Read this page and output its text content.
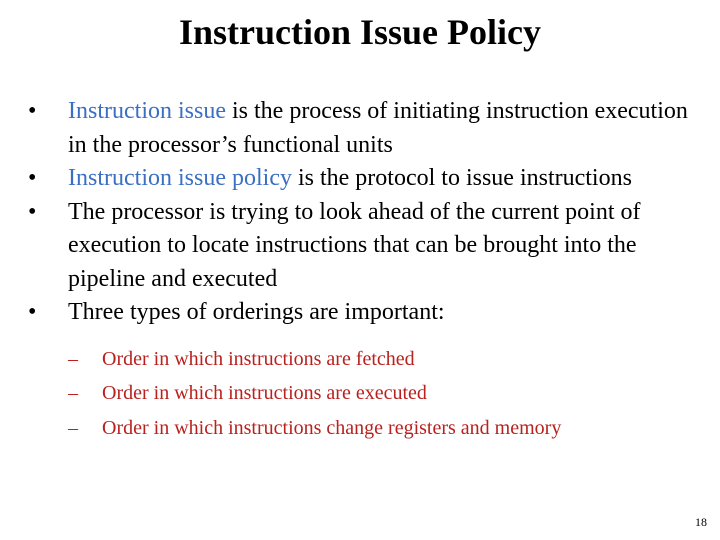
Instruction Issue Policy
• Instruction issue is the process of initiating instruction execution in the processor’s functional units
• Instruction issue policy is the protocol to issue instructions
• The processor is trying to look ahead of the current point of execution to locate instructions that can be brought into the pipeline and executed
• Three types of orderings are important:
– Order in which instructions are fetched
– Order in which instructions are executed
– Order in which instructions change registers and memory
18
